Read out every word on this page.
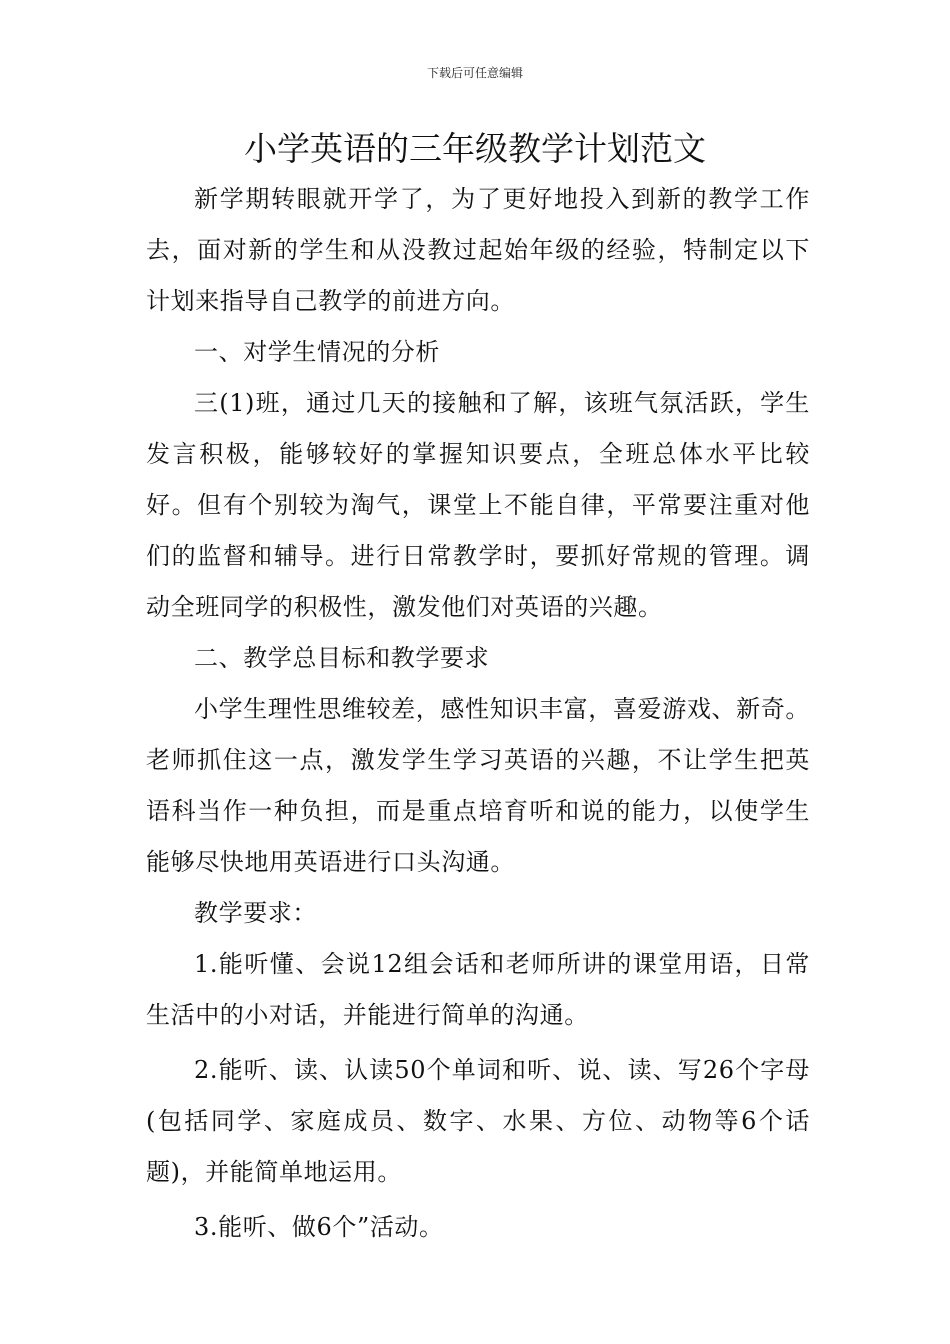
下载后可任意编辑
小学英语的三年级教学计划范文

新学期转眼就开学了，为了更好地投入到新的教学工作去，面对新的学生和从没教过起始年级的经验，特制定以下计划来指导自己教学的前进方向。

一、对学生情况的分析

三(1)班，通过几天的接触和了解，该班气氛活跃，学生发言积极，能够较好的掌握知识要点，全班总体水平比较好。但有个别较为淘气，课堂上不能自律，平常要注重对他们的监督和辅导。进行日常教学时，要抓好常规的管理。调动全班同学的积极性，激发他们对英语的兴趣。

二、教学总目标和教学要求

小学生理性思维较差，感性知识丰富，喜爱游戏、新奇。老师抓住这一点，激发学生学习英语的兴趣，不让学生把英语科当作一种负担，而是重点培育听和说的能力，以使学生能够尽快地用英语进行口头沟通。

教学要求：

1.能听懂、会说12组会话和老师所讲的课堂用语，日常生活中的小对话，并能进行简单的沟通。

2.能听、读、认读50个单词和听、说、读、写26个字母(包括同学、家庭成员、数字、水果、方位、动物等6个话题)，并能简单地运用。

3.能听、做6个”活动。
